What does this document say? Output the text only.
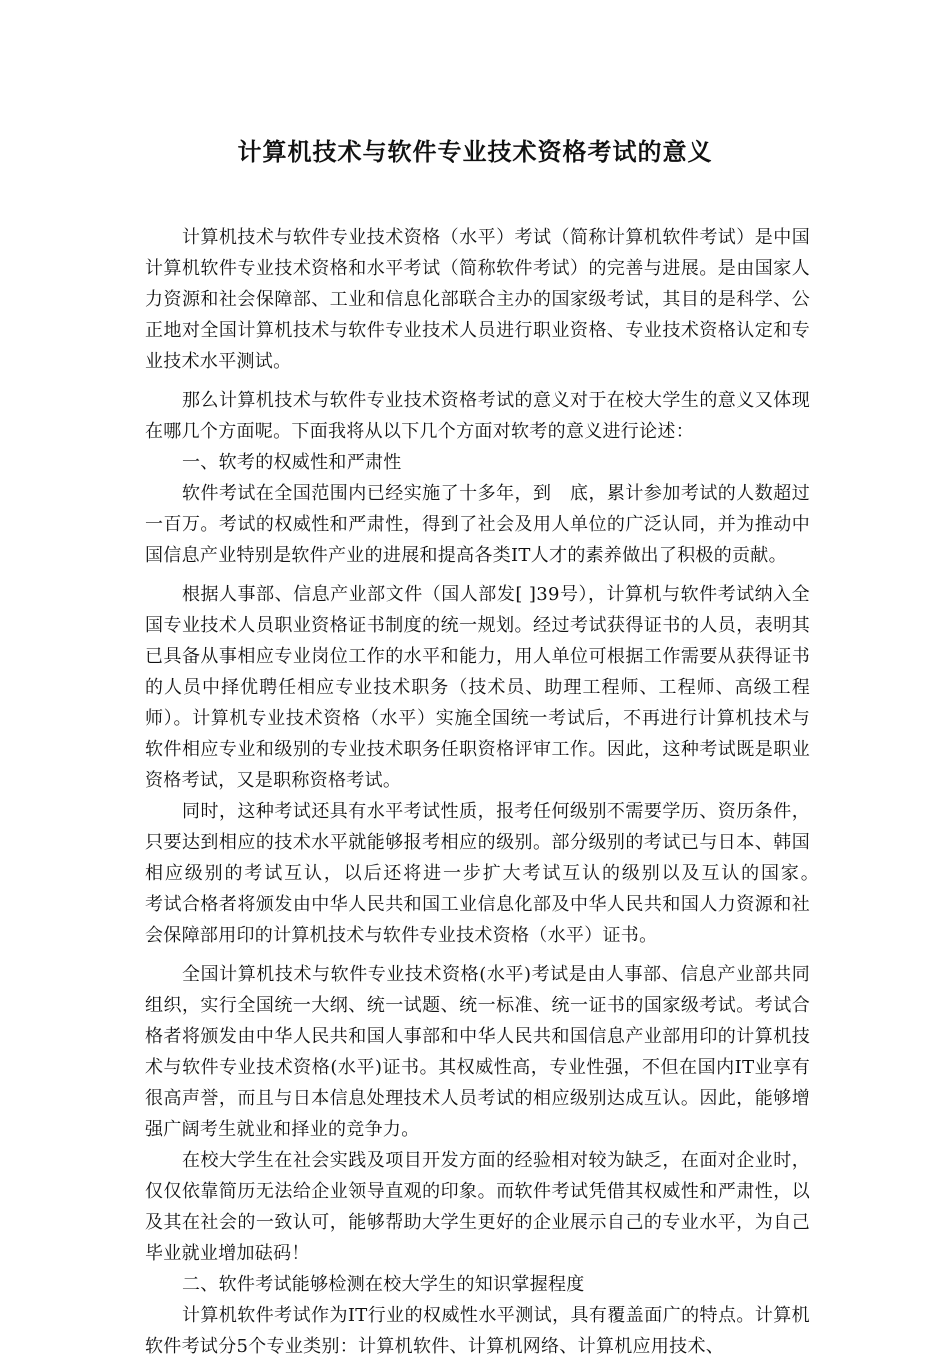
计算机技术与软件专业技术资格考试的意义

计算机技术与软件专业技术资格（水平）考试（简称计算机软件考试）是中国计算机软件专业技术资格和水平考试（简称软件考试）的完善与进展。是由国家人力资源和社会保障部、工业和信息化部联合主办的国家级考试，其目的是科学、公正地对全国计算机技术与软件专业技术人员进行职业资格、专业技术资格认定和专业技术水平测试。

那么计算机技术与软件专业技术资格考试的意义对于在校大学生的意义又体现在哪几个方面呢。下面我将从以下几个方面对软考的意义进行论述：

一、软考的权威性和严肃性

软件考试在全国范围内已经实施了十多年，到　底，累计参加考试的人数超过一百万。考试的权威性和严肃性，得到了社会及用人单位的广泛认同，并为推动中国信息产业特别是软件产业的进展和提高各类IT人才的素养做出了积极的贡献。

根据人事部、信息产业部文件（国人部发[ ]39号），计算机与软件考试纳入全国专业技术人员职业资格证书制度的统一规划。经过考试获得证书的人员，表明其已具备从事相应专业岗位工作的水平和能力，用人单位可根据工作需要从获得证书的人员中择优聘任相应专业技术职务（技术员、助理工程师、工程师、高级工程师）。计算机专业技术资格（水平）实施全国统一考试后，不再进行计算机技术与软件相应专业和级别的专业技术职务任职资格评审工作。因此，这种考试既是职业资格考试，又是职称资格考试。

同时，这种考试还具有水平考试性质，报考任何级别不需要学历、资历条件，只要达到相应的技术水平就能够报考相应的级别。部分级别的考试已与日本、韩国相应级别的考试互认，以后还将进一步扩大考试互认的级别以及互认的国家。　　考试合格者将颁发由中华人民共和国工业信息化部及中华人民共和国人力资源和社会保障部用印的计算机技术与软件专业技术资格（水平）证书。

全国计算机技术与软件专业技术资格(水平)考试是由人事部、信息产业部共同组织，实行全国统一大纲、统一试题、统一标准、统一证书的国家级考试。考试合格者将颁发由中华人民共和国人事部和中华人民共和国信息产业部用印的计算机技术与软件专业技术资格(水平)证书。其权威性高，专业性强，不但在国内IT业享有很高声誉，而且与日本信息处理技术人员考试的相应级别达成互认。因此，能够增强广阔考生就业和择业的竞争力。

在校大学生在社会实践及项目开发方面的经验相对较为缺乏，在面对企业时，仅仅依靠简历无法给企业领导直观的印象。而软件考试凭借其权威性和严肃性，以及其在社会的一致认可，能够帮助大学生更好的企业展示自己的专业水平，为自己毕业就业增加砝码！

二、软件考试能够检测在校大学生的知识掌握程度

计算机软件考试作为IT行业的权威性水平测试，具有覆盖面广的特点。计算机软件考试分5个专业类别：计算机软件、计算机网络、计算机应用技术、
